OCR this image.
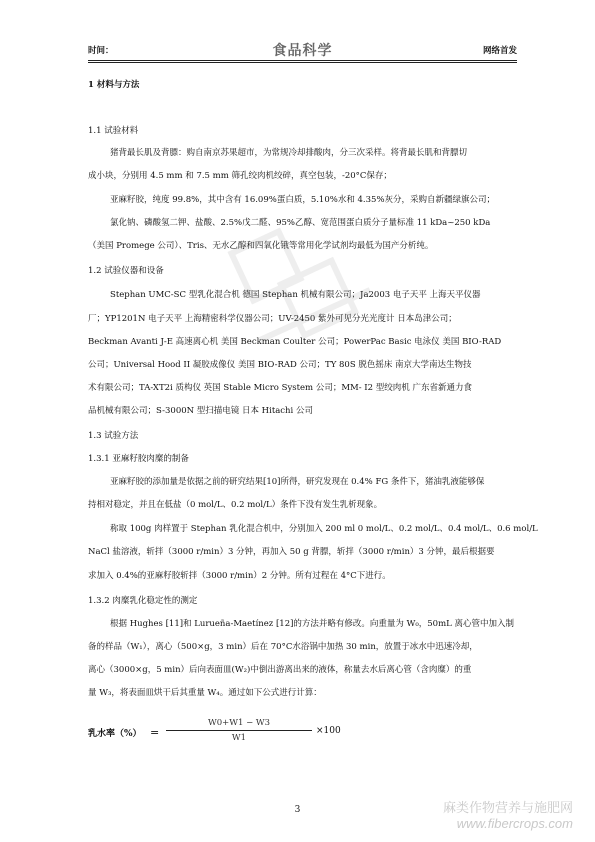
时间：	食品科学	网络首发
1 材料与方法
1.1 试验材料
猪背最长肌及背膘：购自南京苏果超市，为常规冷却排酸肉，分三次采样。将背最长肌和背膘切
成小块，分别用 4.5 mm 和 7.5 mm 筛孔绞肉机绞碎，真空包装，-20°C保存；
亚麻籽胶，纯度 99.8%，其中含有 16.09%蛋白质，5.10%水和 4.35%灰分，采购自新疆绿旗公司；
氯化钠、磷酸氢二钾、盐酸、2.5%戊二醛、95%乙醇、宽范围蛋白质分子量标准 11 kDa~250 kDa
（美国 Promege 公司）、Tris、无水乙醇和四氧化锇等常用化学试剂均最低为国产分析纯。
1.2 试验仪器和设备
Stephan UMC-SC 型乳化混合机 德国 Stephan 机械有限公司；Ja2003 电子天平 上海天平仪器
厂；YP1201N 电子天平 上海精密科学仪器公司；UV-2450 紫外可见分光光度计 日本岛津公司；
Beckman Avanti J-E 高速离心机 美国 Beckman Coulter 公司；PowerPac Basic 电泳仪 美国 BIO-RAD
公司；Universal Hood II 凝胶成像仪 美国 BIO-RAD 公司；TY 80S 脱色摇床 南京大学南达生物技
术有限公司；TA-XT2i 质构仪 英国 Stable Micro System 公司；MM- I2 型绞肉机 广东省新通力食
品机械有限公司；S-3000N 型扫描电镜 日本 Hitachi 公司
1.3 试验方法
1.3.1 亚麻籽胶肉糜的制备
亚麻籽胶的添加量是依据之前的研究结果[10]所得，研究发现在 0.4% FG 条件下，猪油乳液能够保
持相对稳定，并且在低盐（0 mol/L、0.2 mol/L）条件下没有发生乳析现象。
称取 100g 肉样置于 Stephan 乳化混合机中，分别加入 200 ml 0 mol/L、0.2 mol/L、0.4 mol/L、0.6 mol/L
NaCl 盐溶液，斩拌（3000 r/min）3 分钟，再加入 50 g 背膘，斩拌（3000 r/min）3 分钟，最后根据要
求加入 0.4%的亚麻籽胶斩拌（3000 r/min）2 分钟。所有过程在 4°C下进行。
1.3.2 肉糜乳化稳定性的测定
根据 Hughes [11]和 Lurueña-Maetínez [12]的方法并略有修改。向重量为 W₀，50mL 离心管中加入制
备的样品（W₁），离心（500×g，3 min）后在 70°C水浴锅中加热 30 min，放置于冰水中迅速冷却，
离心（3000×g，5 min）后向表面皿(W₂)中倒出游离出来的液体，称量去水后离心管（含肉糜）的重
量 W₃，将表面皿烘干后其重量 W₄。通过如下公式进行计算：
乳水率（%） =
W0+W1 − W3
W1
×100
3	麻类作物营养与施肥网
www.fibercrops.com
